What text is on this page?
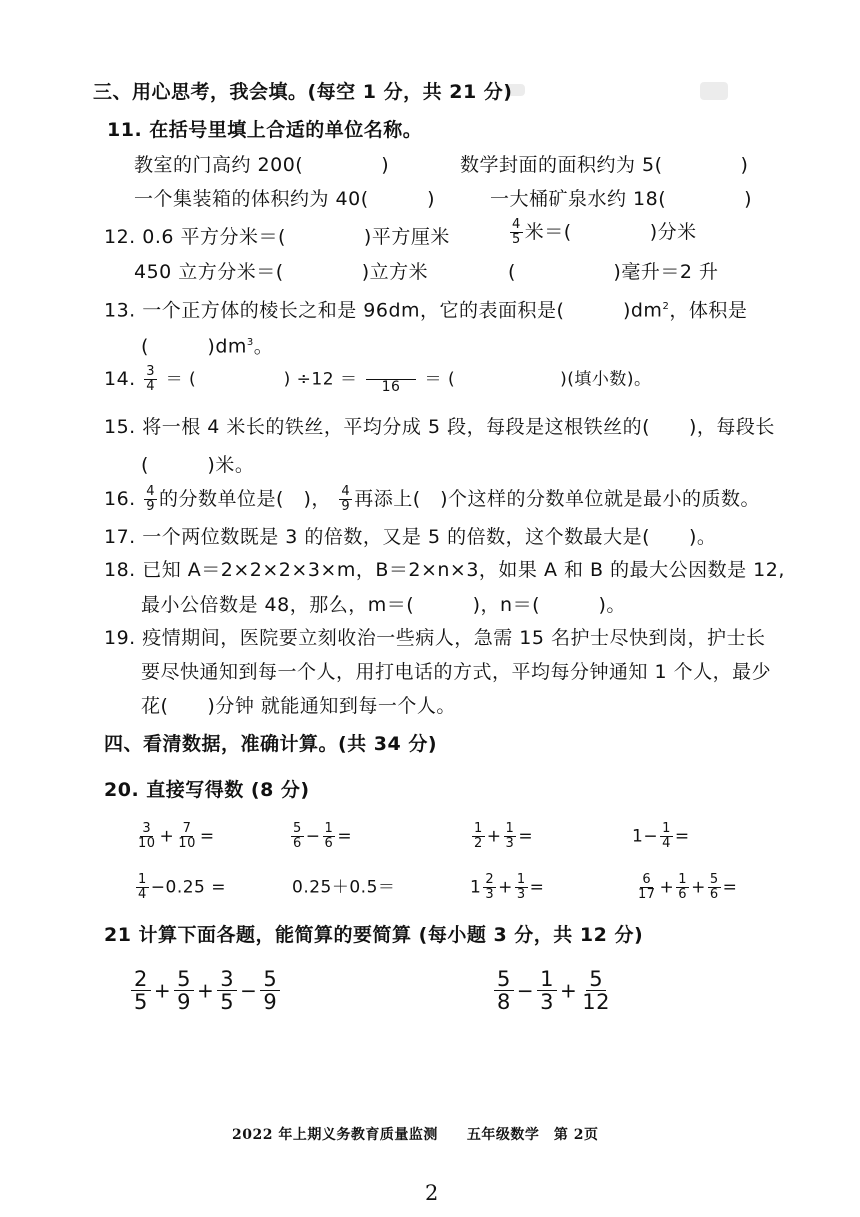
三、用心思考，我会填。(每空 1 分，共 21 分)
11. 在括号里填上合适的单位名称。
教室的门高约 200(　　　　)	数学封面的面积约为 5(　　　　)
一个集装箱的体积约为 40(　　　)	一大桶矿泉水约 18(　　　　)
12. 0.6 平方分米＝(　　　　)平方厘米	$\frac{4}{5}$ 米＝(　　　　)分米
450 立方分米＝(　　　　)立方米	(　　　　　)毫升＝2 升
13. 一个正方体的棱长之和是 96dm，它的表面积是(　　　)$dm^2$，体积是
(　　　)$dm^3$。
14. $\frac{3}{4}$ ＝ (　　　　　) ÷12 ＝
16 ＝ (　　　　　　)(填小数)。
15. 将一根 4 米长的铁丝，平均分成 5 段，每段是这根铁丝的(　　)，每段长
(　　　)米。
16. $\frac{4}{9}$ 的分数单位是(　)， $\frac{4}{9}$ 再添上(　)个这样的分数单位就是最小的质数。
17. 一个两位数既是 3 的倍数，又是 5 的倍数，这个数最大是(　　)。
18. 已知 A＝2×2×2×3×m，B＝2×n×3，如果 A 和 B 的最大公因数是 12,
最小公倍数是 48，那么，m＝(　　　)，n＝(　　　)。
19. 疫情期间，医院要立刻收治一些病人，急需 15 名护士尽快到岗，护士长
要尽快通知到每一个人，用打电话的方式，平均每分钟通知 1 个人，最少
花(　　)分钟 就能通知到每一个人。
四、看清数据，准确计算。(共 34 分)
20. 直接写得数 (8 分)
$\frac{3}{10} + \frac{7}{10}$ =	$\frac{5}{6} - \frac{1}{6}$ =	$\frac{1}{2} + \frac{1}{3}$ =	$1- \frac{1}{4}$ =
$\frac{1}{4} -0.25$ =	0.25＋0.5＝	$1 \frac{2}{3} + \frac{1}{3}$ =	$\frac{6}{17} + \frac{1}{6} + \frac{5}{6}$ =
21 计算下面各题，能简算的要简算 (每小题 3 分，共 12 分)
$\frac{2}{5} + \frac{5}{9} + \frac{3}{5} - \frac{5}{9}$	$\frac{5}{8} - \frac{1}{3} + \frac{5}{12}$
2022 年上期义务教育质量监测　　五年级数学　第 2页
2
